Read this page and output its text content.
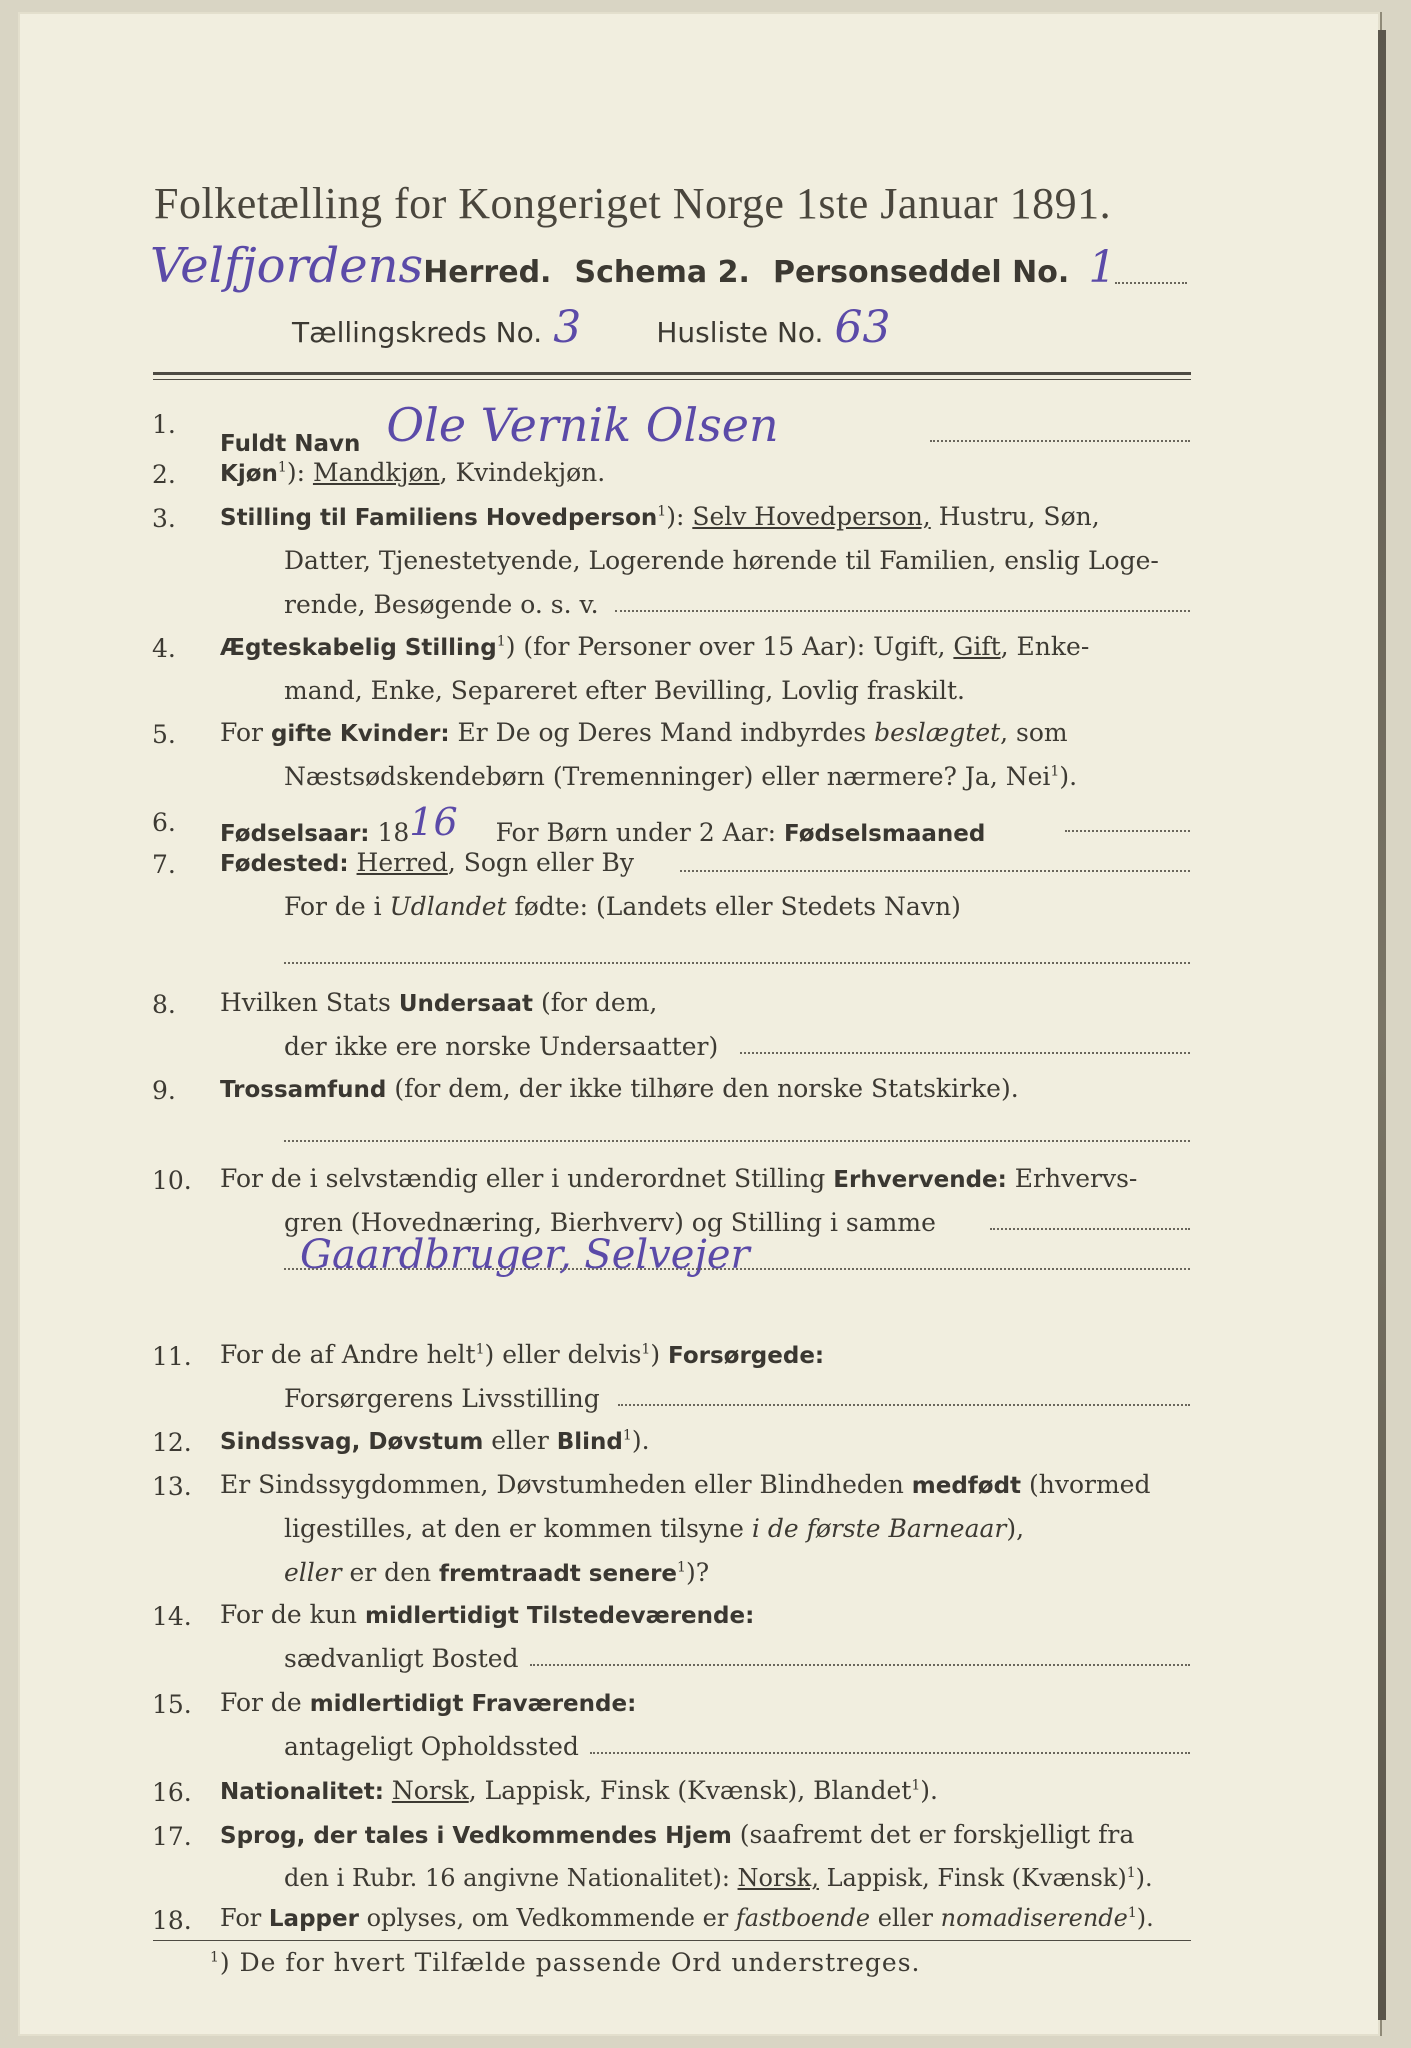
Folketælling for Kongeriget Norge 1ste Januar 1891.
VelfjordensHerred. Schema 2. Personseddel No. 1
Tællingskreds No. 3	Husliste No. 63
1.
Fuldt Navn Ole Vernik Olsen
2. Kjøn$^1$): Mandkjøn, Kvindekjøn.
3. Stilling til Familiens Hovedperson$^1$): Selv Hovedperson, Hustru, Søn,
Datter, Tjenestetyende, Logerende hørende til Familien, enslig Loge-
rende, Besøgende o. s. v.
4. Ægteskabelig Stilling$^1$) (for Personer over 15 Aar): Ugift, Gift, Enke-
mand, Enke, Separeret efter Bevilling, Lovlig fraskilt.
5. For gifte Kvinder: Er De og Deres Mand indbyrdes beslægtet, som
Næstsødskendebørn (Tremenninger) eller nærmere? Ja, Nei$^1$).
6. Fødselsaar: 1816 For Børn under 2 Aar: Fødselsmaaned
7. Fødested: Herred, Sogn eller By
For de i Udlandet fødte: (Landets eller Stedets Navn)
8. Hvilken Stats Undersaat (for dem,
der ikke ere norske Undersaatter)
9. Trossamfund (for dem, der ikke tilhøre den norske Statskirke).
10. For de i selvstændig eller i underordnet Stilling Erhvervende: Erhvervs-
gren (Hovednæring, Bierhverv) og Stilling i samme
Gaardbruger, Selvejer
11. For de af Andre helt$^1$) eller delvis$^1$) Forsørgede:
Forsørgerens Livsstilling
12. Sindssvag, Døvstum eller Blind$^1$).
13. Er Sindssygdommen, Døvstumheden eller Blindheden medfødt (hvormed
ligestilles, at den er kommen tilsyne i de første Barneaar),
eller er den fremtraadt senere$^1$)?
14. For de kun midlertidigt Tilstedeværende:
sædvanligt Bosted
15. For de midlertidigt Fraværende:
antageligt Opholdssted
16. Nationalitet: Norsk, Lappisk, Finsk (Kvænsk), Blandet$^1$).
17. Sprog, der tales i Vedkommendes Hjem (saafremt det er forskjelligt fra
den i Rubr. 16 angivne Nationalitet): Norsk, Lappisk, Finsk (Kvænsk)$^1$).
18. For Lapper oplyses, om Vedkommende er fastboende eller nomadiserende$^1$).
$^1$) De for hvert Tilfælde passende Ord understreges.
